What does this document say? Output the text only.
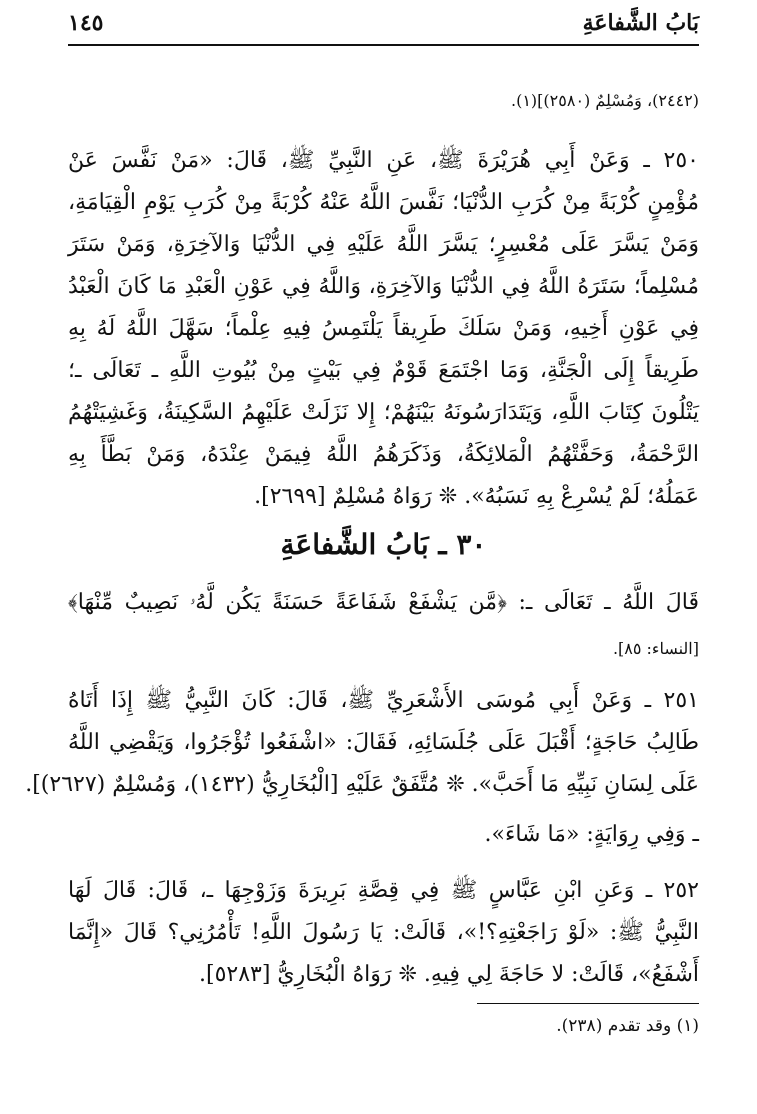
بَابُ الشَّفاعَةِ
١٤٥
(٢٤٤٢)، وَمُسْلِمٌ (٢٥٨٠)](١).
٢٥٠ ـ وَعَنْ أَبِي هُرَيْرَةَ ﷺ، عَنِ النَّبِيِّ ﷺ، قَالَ: «مَنْ نَفَّسَ عَنْ
مُؤْمِنٍ كُرْبَةً مِنْ كُرَبِ الدُّنْيَا؛ نَفَّسَ اللَّهُ عَنْهُ كُرْبَةً مِنْ كُرَبِ يَوْمِ الْقِيَامَةِ،
وَمَنْ يَسَّرَ عَلَى مُعْسِرٍ؛ يَسَّرَ اللَّهُ عَلَيْهِ فِي الدُّنْيَا وَالآخِرَةِ، وَمَنْ سَتَرَ
مُسْلِماً؛ سَتَرَهُ اللَّهُ فِي الدُّنْيَا وَالآخِرَةِ، وَاللَّهُ فِي عَوْنِ الْعَبْدِ مَا كَانَ الْعَبْدُ
فِي عَوْنِ أَخِيهِ، وَمَنْ سَلَكَ طَرِيقاً يَلْتَمِسُ فِيهِ عِلْماً؛ سَهَّلَ اللَّهُ لَهُ بِهِ
طَرِيقاً إِلَى الْجَنَّةِ، وَمَا اجْتَمَعَ قَوْمٌ فِي بَيْتٍ مِنْ بُيُوتِ اللَّهِ ـ تَعَالَى ـ؛
يَتْلُونَ كِتَابَ اللَّهِ، وَيَتَدَارَسُونَهُ بَيْنَهُمْ؛ إِلا نَزَلَتْ عَلَيْهِمُ السَّكِينَةُ، وَغَشِيَتْهُمُ
الرَّحْمَةُ، وَحَفَّتْهُمُ الْمَلائِكَةُ، وَذَكَرَهُمُ اللَّهُ فِيمَنْ عِنْدَهُ، وَمَنْ بَطَّأَ بِهِ
عَمَلُهُ؛ لَمْ يُسْرِعْ بِهِ نَسَبُهُ». ❊ رَوَاهُ مُسْلِمٌ [٢٦٩٩].
٣٠ ـ بَابُ الشَّفاعَةِ
قَالَ اللَّهُ ـ تَعَالَى ـ: ﴿مَّن يَشْفَعْ شَفَاعَةً حَسَنَةً يَكُن لَّهُۥ نَصِيبٌ مِّنْهَا﴾
[النساء: ٨٥].
٢٥١ ـ وَعَنْ أَبِي مُوسَى الأَشْعَرِيِّ ﷺ، قَالَ: كَانَ النَّبِيُّ ﷺ إِذَا أَتَاهُ
طَالِبُ حَاجَةٍ؛ أَقْبَلَ عَلَى جُلَسَائِهِ، فَقَالَ: «اشْفَعُوا تُؤْجَرُوا، وَيَقْضِي اللَّهُ
عَلَى لِسَانِ نَبِيِّهِ مَا أَحَبَّ». ❊ مُتَّفَقٌ عَلَيْهِ [الْبُخَارِيُّ (١٤٣٢)، وَمُسْلِمٌ (٢٦٢٧)].
ـ وَفِي رِوَايَةٍ: «مَا شَاءَ».
٢٥٢ ـ وَعَنِ ابْنِ عَبَّاسٍ ﷺ فِي قِصَّةِ بَرِيرَةَ وَزَوْجِهَا ـ، قَالَ: قَالَ لَهَا
النَّبِيُّ ﷺ: «لَوْ رَاجَعْتِهِ؟!»، قَالَتْ: يَا رَسُولَ اللَّهِ! تَأْمُرُنِي؟ قَالَ «إِنَّمَا
أَشْفَعُ»، قَالَتْ: لا حَاجَةَ لِي فِيهِ. ❊ رَوَاهُ الْبُخَارِيُّ [٥٢٨٣].
(١) وقد تقدم (٢٣٨).
